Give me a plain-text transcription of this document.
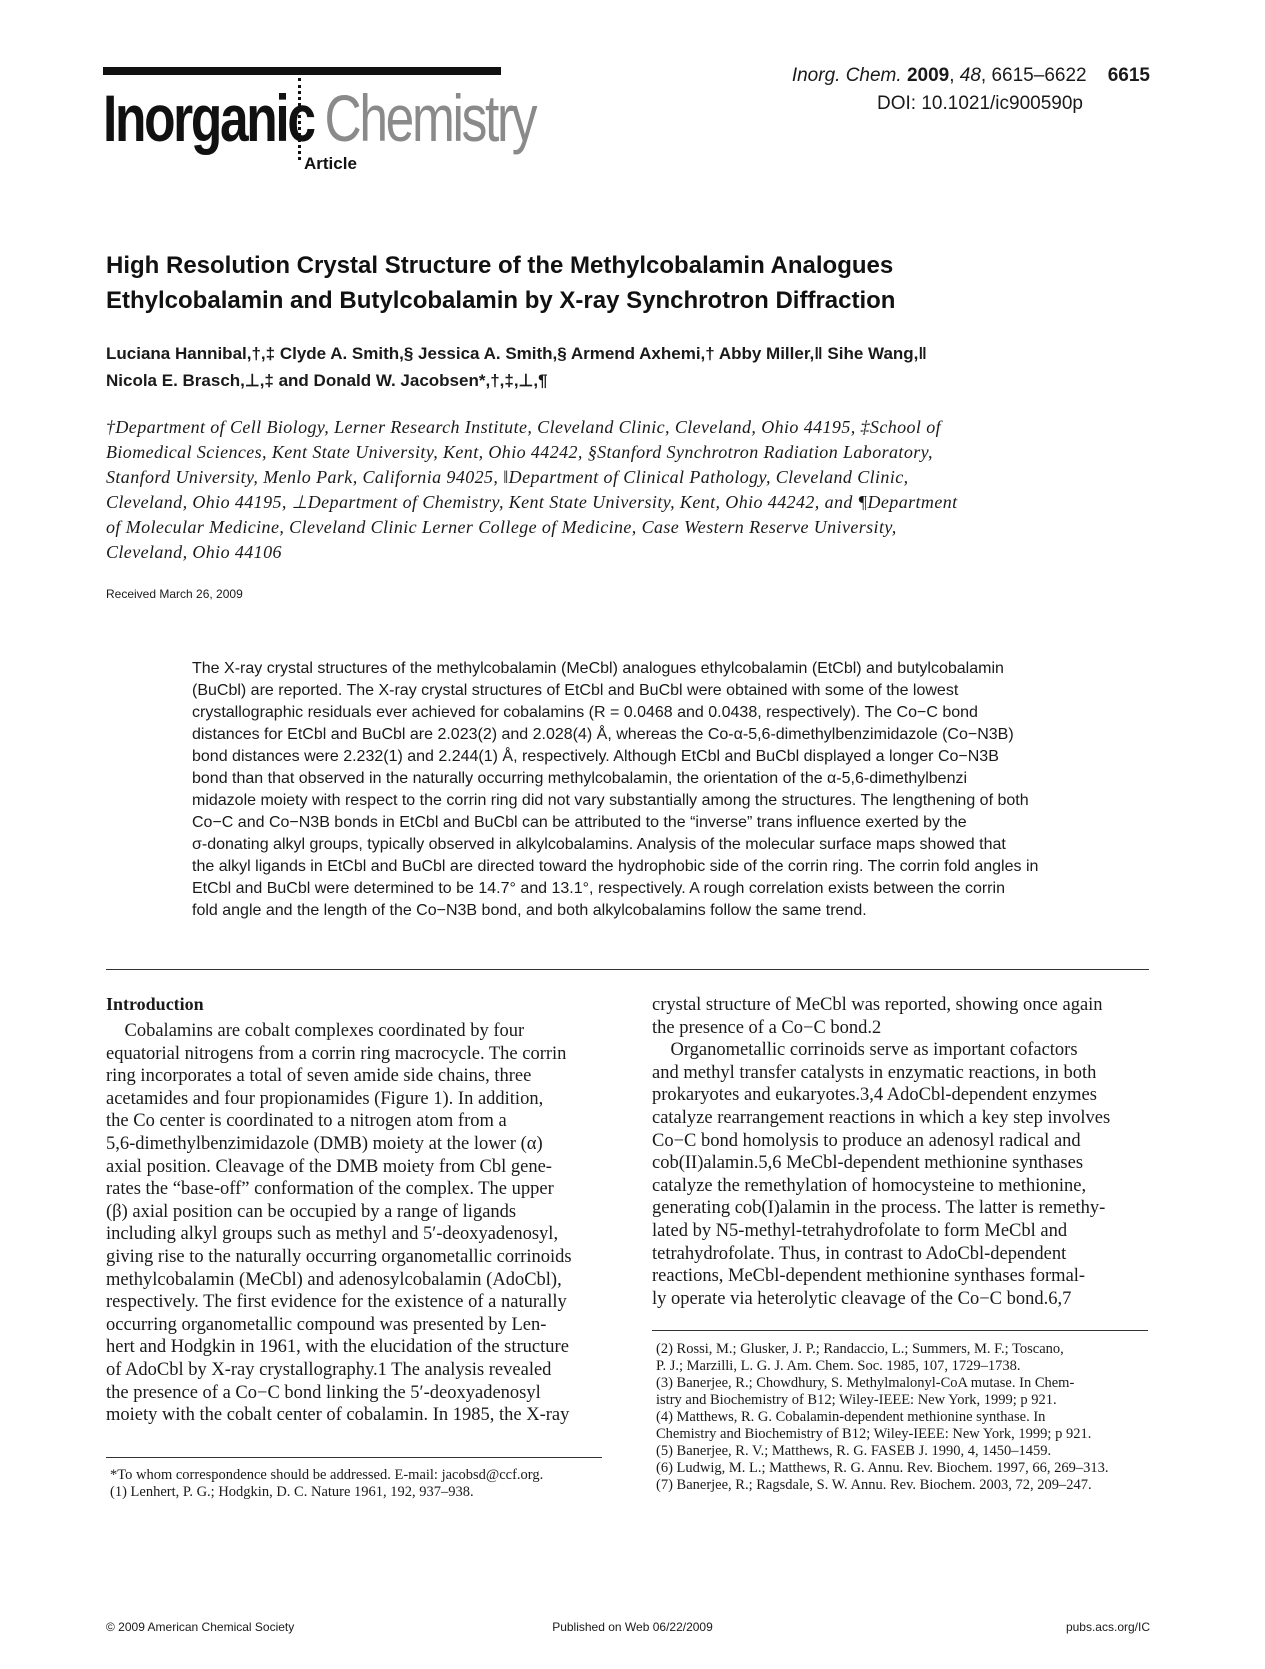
Inorganic Chemistry
Article
Inorg. Chem. 2009, 48, 6615–6622 6615
DOI: 10.1021/ic900590p
High Resolution Crystal Structure of the Methylcobalamin Analogues
Ethylcobalamin and Butylcobalamin by X-ray Synchrotron Diffraction
Luciana Hannibal,†,‡ Clyde A. Smith,§ Jessica A. Smith,§ Armend Axhemi,† Abby Miller,‖ Sihe Wang,‖
Nicola E. Brasch,⊥,‡ and Donald W. Jacobsen*,†,‡,⊥,¶
†Department of Cell Biology, Lerner Research Institute, Cleveland Clinic, Cleveland, Ohio 44195, ‡School of
Biomedical Sciences, Kent State University, Kent, Ohio 44242, §Stanford Synchrotron Radiation Laboratory,
Stanford University, Menlo Park, California 94025, ‖Department of Clinical Pathology, Cleveland Clinic,
Cleveland, Ohio 44195, ⊥Department of Chemistry, Kent State University, Kent, Ohio 44242, and ¶Department
of Molecular Medicine, Cleveland Clinic Lerner College of Medicine, Case Western Reserve University,
Cleveland, Ohio 44106
Received March 26, 2009
The X-ray crystal structures of the methylcobalamin (MeCbl) analogues ethylcobalamin (EtCbl) and butylcobalamin
(BuCbl) are reported. The X-ray crystal structures of EtCbl and BuCbl were obtained with some of the lowest
crystallographic residuals ever achieved for cobalamins (R = 0.0468 and 0.0438, respectively). The Co−C bond
distances for EtCbl and BuCbl are 2.023(2) and 2.028(4) Å, whereas the Co-α-5,6-dimethylbenzimidazole (Co−N3B)
bond distances were 2.232(1) and 2.244(1) Å, respectively. Although EtCbl and BuCbl displayed a longer Co−N3B
bond than that observed in the naturally occurring methylcobalamin, the orientation of the α-5,6-dimethylbenzi
midazole moiety with respect to the corrin ring did not vary substantially among the structures. The lengthening of both
Co−C and Co−N3B bonds in EtCbl and BuCbl can be attributed to the “inverse” trans influence exerted by the
σ-donating alkyl groups, typically observed in alkylcobalamins. Analysis of the molecular surface maps showed that
the alkyl ligands in EtCbl and BuCbl are directed toward the hydrophobic side of the corrin ring. The corrin fold angles in
EtCbl and BuCbl were determined to be 14.7° and 13.1°, respectively. A rough correlation exists between the corrin
fold angle and the length of the Co−N3B bond, and both alkylcobalamins follow the same trend.
Introduction
Cobalamins are cobalt complexes coordinated by four
equatorial nitrogens from a corrin ring macrocycle. The corrin
ring incorporates a total of seven amide side chains, three
acetamides and four propionamides (Figure 1). In addition,
the Co center is coordinated to a nitrogen atom from a
5,6-dimethylbenzimidazole (DMB) moiety at the lower (α)
axial position. Cleavage of the DMB moiety from Cbl gene-
rates the “base-off” conformation of the complex. The upper
(β) axial position can be occupied by a range of ligands
including alkyl groups such as methyl and 5′-deoxyadenosyl,
giving rise to the naturally occurring organometallic corrinoids
methylcobalamin (MeCbl) and adenosylcobalamin (AdoCbl),
respectively. The first evidence for the existence of a naturally
occurring organometallic compound was presented by Len-
hert and Hodgkin in 1961, with the elucidation of the structure
of AdoCbl by X-ray crystallography.1 The analysis revealed
the presence of a Co−C bond linking the 5′-deoxyadenosyl
moiety with the cobalt center of cobalamin. In 1985, the X-ray
crystal structure of MeCbl was reported, showing once again
the presence of a Co−C bond.2
Organometallic corrinoids serve as important cofactors
and methyl transfer catalysts in enzymatic reactions, in both
prokaryotes and eukaryotes.3,4 AdoCbl-dependent enzymes
catalyze rearrangement reactions in which a key step involves
Co−C bond homolysis to produce an adenosyl radical and
cob(II)alamin.5,6 MeCbl-dependent methionine synthases
catalyze the remethylation of homocysteine to methionine,
generating cob(I)alamin in the process. The latter is remethy-
lated by N5-methyl-tetrahydrofolate to form MeCbl and
tetrahydrofolate. Thus, in contrast to AdoCbl-dependent
reactions, MeCbl-dependent methionine synthases formal-
ly operate via heterolytic cleavage of the Co−C bond.6,7
*To whom correspondence should be addressed. E-mail: jacobsd@ccf.org.
(1) Lenhert, P. G.; Hodgkin, D. C. Nature 1961, 192, 937–938.
(2) Rossi, M.; Glusker, J. P.; Randaccio, L.; Summers, M. F.; Toscano,
P. J.; Marzilli, L. G. J. Am. Chem. Soc. 1985, 107, 1729–1738.
(3) Banerjee, R.; Chowdhury, S. Methylmalonyl-CoA mutase. In Chem-
istry and Biochemistry of B12; Wiley-IEEE: New York, 1999; p 921.
(4) Matthews, R. G. Cobalamin-dependent methionine synthase. In
Chemistry and Biochemistry of B12; Wiley-IEEE: New York, 1999; p 921.
(5) Banerjee, R. V.; Matthews, R. G. FASEB J. 1990, 4, 1450–1459.
(6) Ludwig, M. L.; Matthews, R. G. Annu. Rev. Biochem. 1997, 66, 269–313.
(7) Banerjee, R.; Ragsdale, S. W. Annu. Rev. Biochem. 2003, 72, 209–247.
© 2009 American Chemical Society	Published on Web 06/22/2009	pubs.acs.org/IC
